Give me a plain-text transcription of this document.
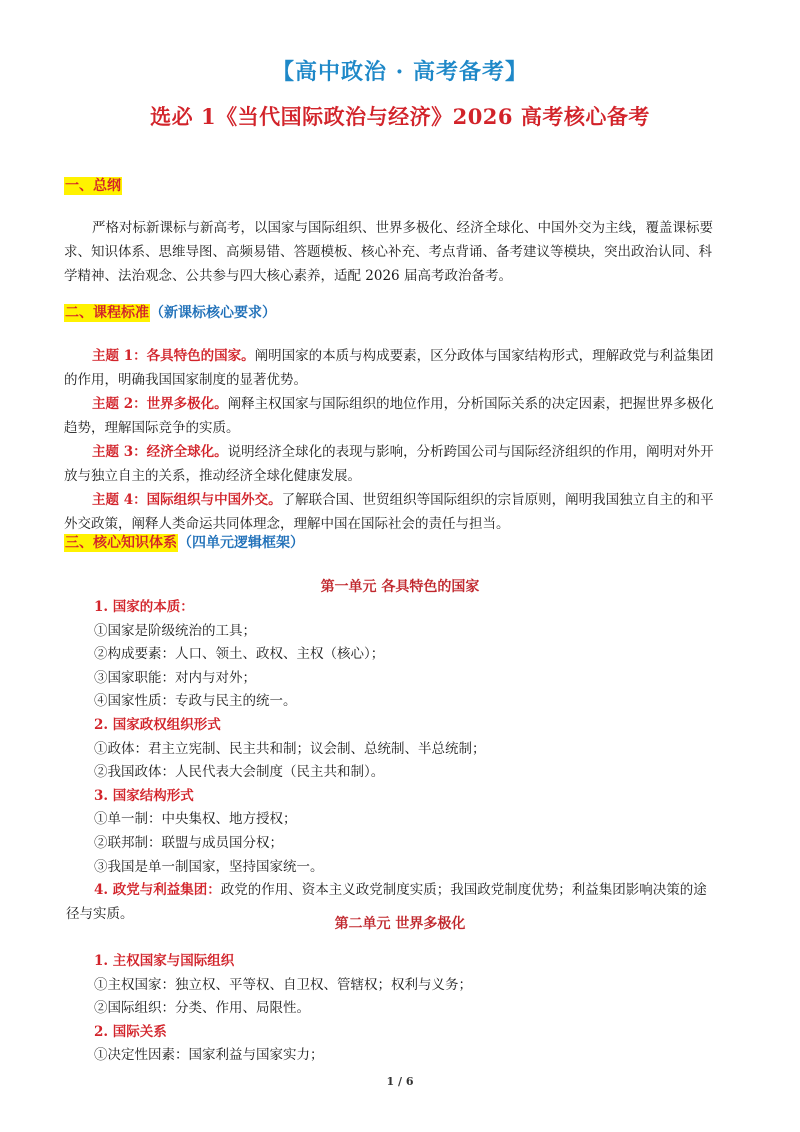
【高中政治 · 高考备考】
选必 1《当代国际政治与经济》2026 高考核心备考
一、总纲
严格对标新课标与新高考，以国家与国际组织、世界多极化、经济全球化、中国外交为主线，覆盖课标要
求、知识体系、思维导图、高频易错、答题模板、核心补充、考点背诵、备考建议等模块，突出政治认同、科
学精神、法治观念、公共参与四大核心素养，适配 2026 届高考政治备考。
二、课程标准（新课标核心要求）
主题 1：各具特色的国家。阐明国家的本质与构成要素，区分政体与国家结构形式，理解政党与利益集团
的作用，明确我国国家制度的显著优势。
主题 2：世界多极化。阐释主权国家与国际组织的地位作用，分析国际关系的决定因素，把握世界多极化
趋势，理解国际竞争的实质。
主题 3：经济全球化。说明经济全球化的表现与影响，分析跨国公司与国际经济组织的作用，阐明对外开
放与独立自主的关系，推动经济全球化健康发展。
主题 4：国际组织与中国外交。了解联合国、世贸组织等国际组织的宗旨原则，阐明我国独立自主的和平
外交政策，阐释人类命运共同体理念，理解中国在国际社会的责任与担当。
三、核心知识体系（四单元逻辑框架）
第一单元 各具特色的国家
1. 国家的本质：
①国家是阶级统治的工具；
②构成要素：人口、领土、政权、主权（核心）；
③国家职能：对内与对外；
④国家性质：专政与民主的统一。
2. 国家政权组织形式
①政体：君主立宪制、民主共和制；议会制、总统制、半总统制；
②我国政体：人民代表大会制度（民主共和制）。
3. 国家结构形式
①单一制：中央集权、地方授权；
②联邦制：联盟与成员国分权；
③我国是单一制国家，坚持国家统一。
4. 政党与利益集团：政党的作用、资本主义政党制度实质；我国政党制度优势；利益集团影响决策的途
径与实质。
第二单元 世界多极化
1. 主权国家与国际组织
①主权国家：独立权、平等权、自卫权、管辖权；权利与义务；
②国际组织：分类、作用、局限性。
2. 国际关系
①决定性因素：国家利益与国家实力；
1 / 6
